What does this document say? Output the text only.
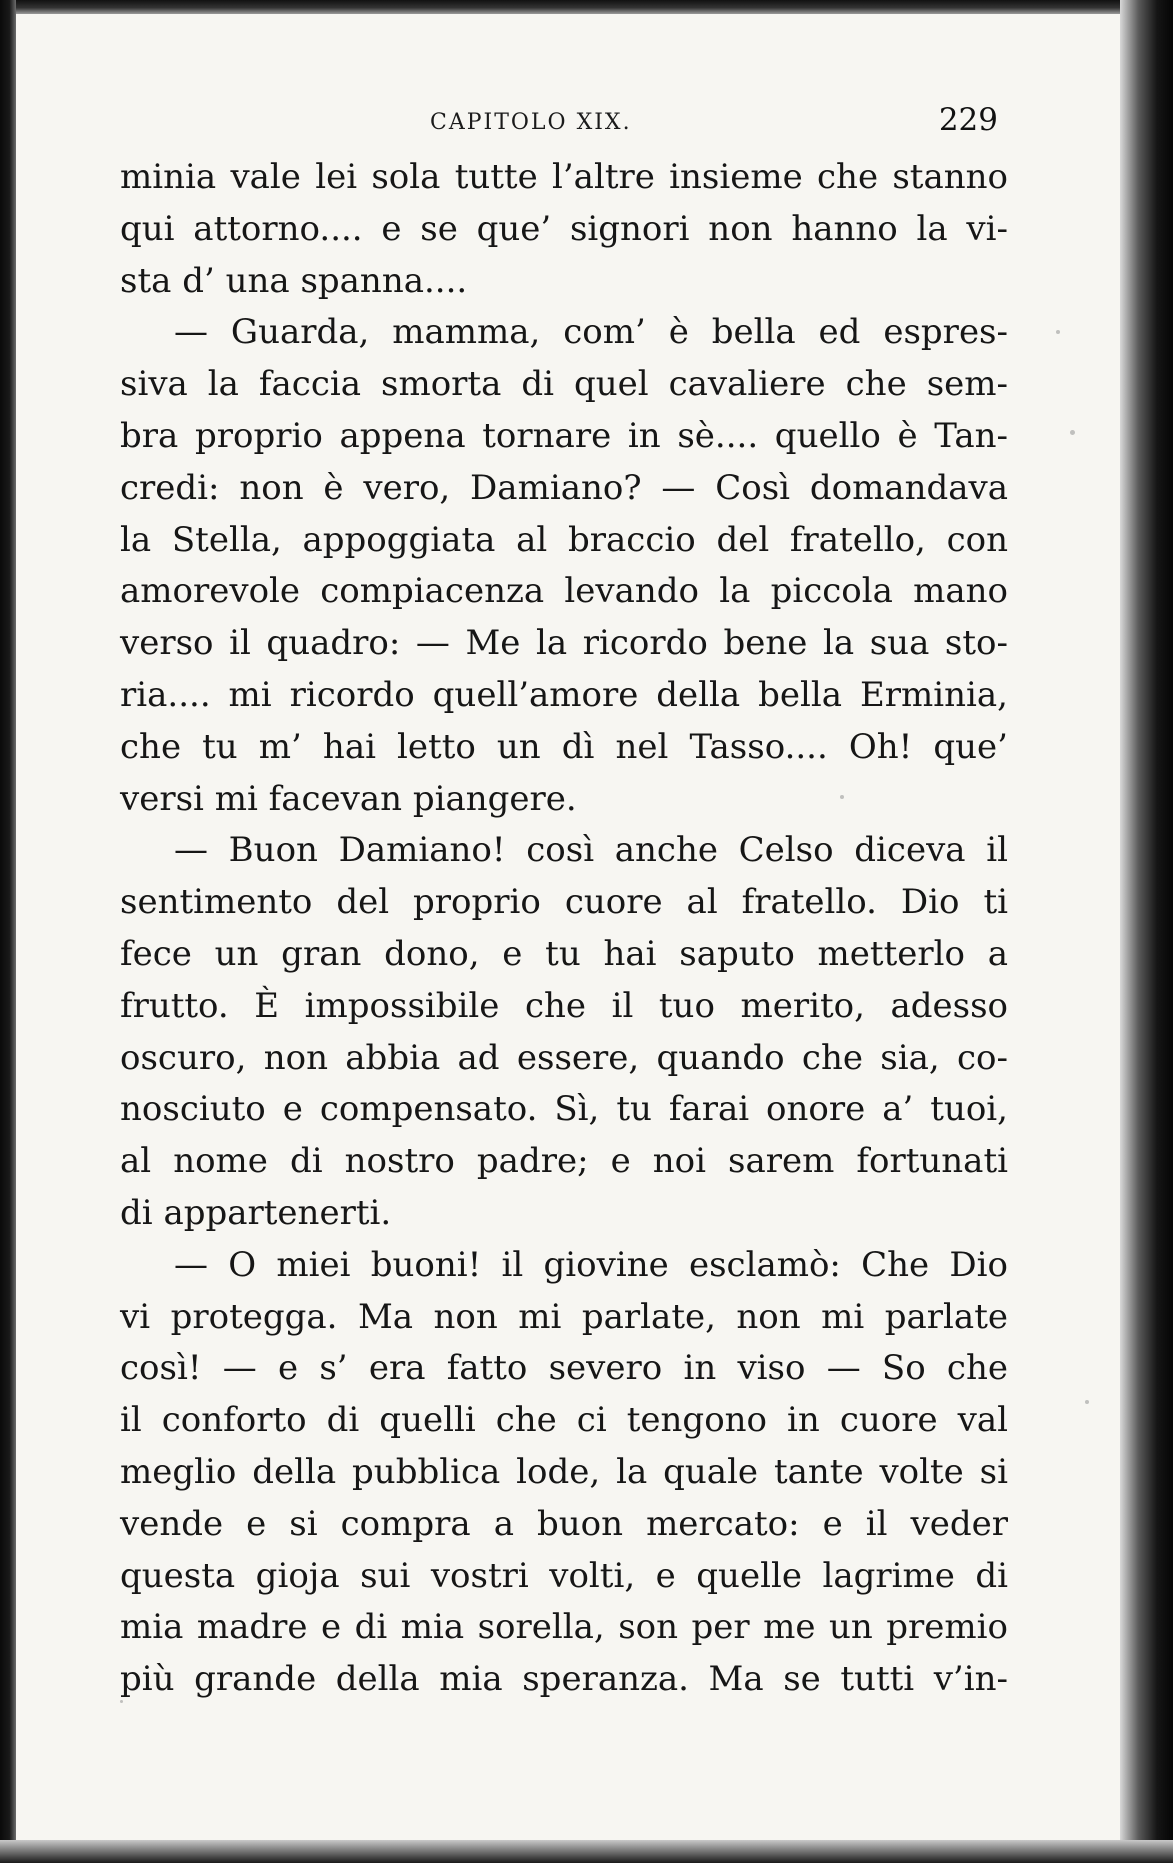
CAPITOLO XIX.	229
minia vale lei sola tutte l’altre insieme che stanno
qui attorno.... e se que’ signori non hanno la vi-
sta d’ una spanna....
— Guarda, mamma, com’ è bella ed espres-
siva la faccia smorta di quel cavaliere che sem-
bra proprio appena tornare in sè.... quello è Tan-
credi: non è vero, Damiano? — Così domandava
la Stella, appoggiata al braccio del fratello, con
amorevole compiacenza levando la piccola mano
verso il quadro: — Me la ricordo bene la sua sto-
ria.... mi ricordo quell’amore della bella Erminia,
che tu m’ hai letto un dì nel Tasso.... Oh! que’
versi mi facevan piangere.
— Buon Damiano! così anche Celso diceva il
sentimento del proprio cuore al fratello. Dio ti
fece un gran dono, e tu hai saputo metterlo a
frutto. È impossibile che il tuo merito, adesso
oscuro, non abbia ad essere, quando che sia, co-
nosciuto e compensato. Sì, tu farai onore a’ tuoi,
al nome di nostro padre; e noi sarem fortunati
di appartenerti.
— O miei buoni! il giovine esclamò: Che Dio
vi protegga. Ma non mi parlate, non mi parlate
così! — e s’ era fatto severo in viso — So che
il conforto di quelli che ci tengono in cuore val
meglio della pubblica lode, la quale tante volte si
vende e si compra a buon mercato: e il veder
questa gioja sui vostri volti, e quelle lagrime di
mia madre e di mia sorella, son per me un premio
più grande della mia speranza. Ma se tutti v’in-
